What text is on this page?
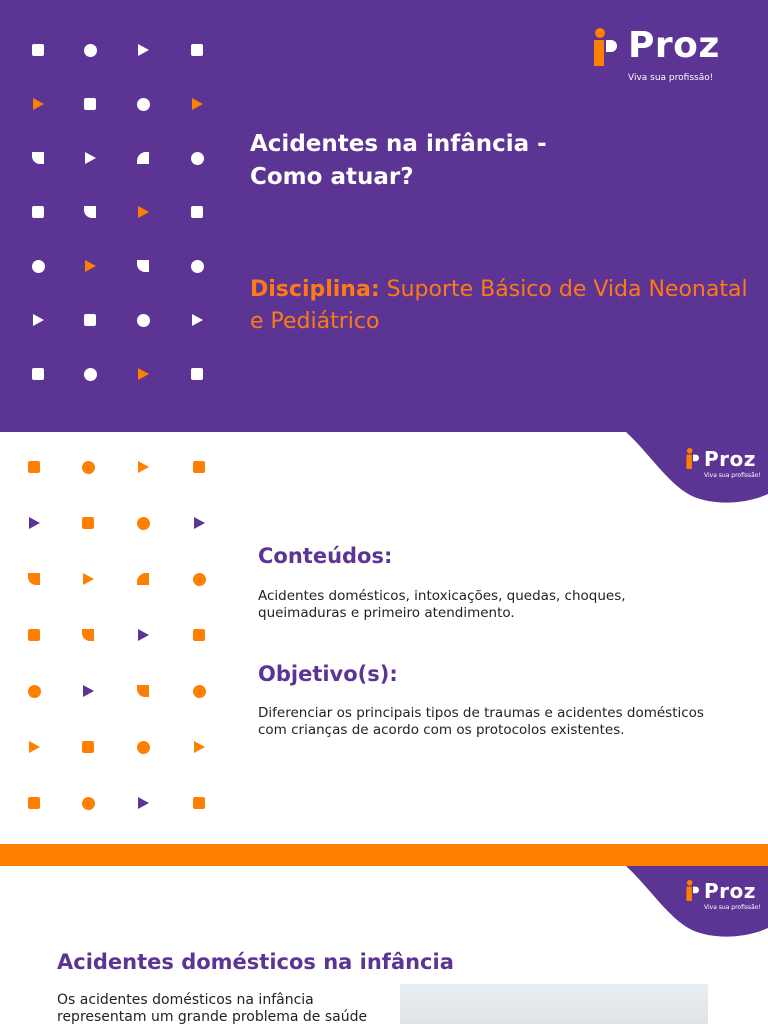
Proz
Viva sua profissão!
Acidentes na infância -
Como atuar?
Disciplina: Suporte Básico de Vida Neonatal e Pediátrico
Proz
Viva sua profissão!
Conteúdos:
Acidentes domésticos, intoxicações, quedas, choques, queimaduras e primeiro atendimento.
Objetivo(s):
Diferenciar os principais tipos de traumas e acidentes domésticos com crianças de acordo com os protocolos existentes.
Proz
Viva sua profissão!
Acidentes domésticos na infância
Os acidentes domésticos na infância representam um grande problema de saúde
